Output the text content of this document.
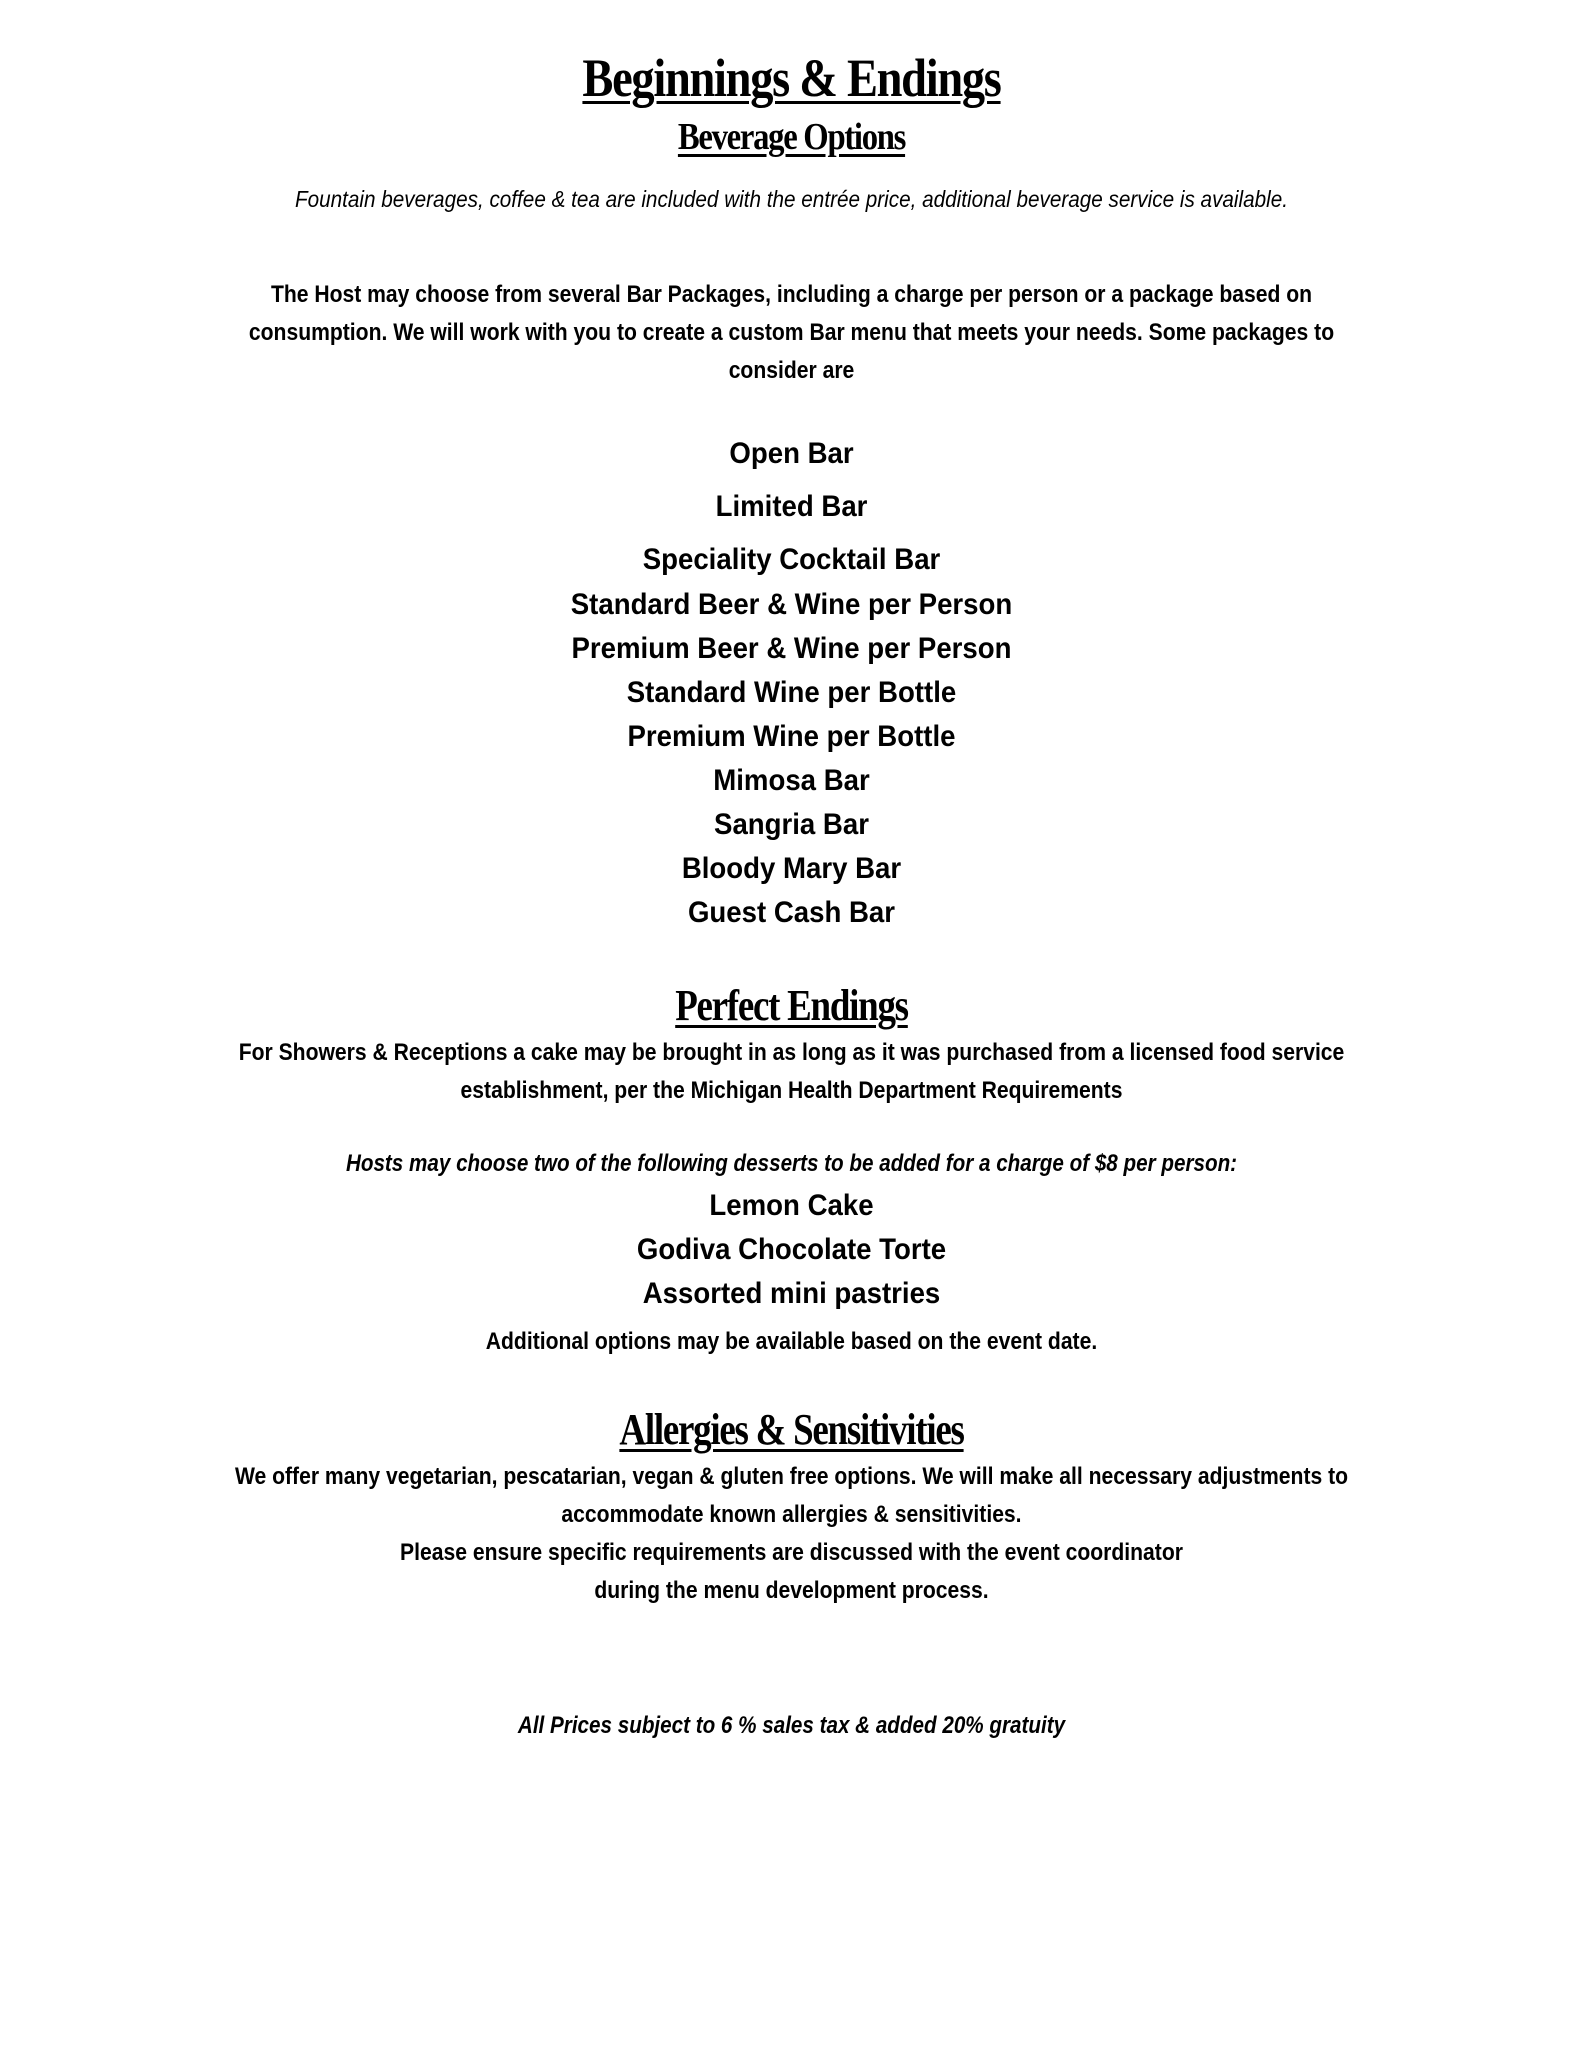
Beginnings & Endings
Beverage Options
Fountain beverages, coffee & tea are included with the entrée price, additional beverage service is available.
The Host may choose from several Bar Packages, including a charge per person or a package based on
consumption. We will work with you to create a custom Bar menu that meets your needs. Some packages to
consider are
Open Bar
Limited Bar
Speciality Cocktail Bar
Standard Beer & Wine per Person
Premium Beer & Wine per Person
Standard Wine per Bottle
Premium Wine per Bottle
Mimosa Bar
Sangria Bar
Bloody Mary Bar
Guest Cash Bar
Perfect Endings
For Showers & Receptions a cake may be brought in as long as it was purchased from a licensed food service
establishment, per the Michigan Health Department Requirements
Hosts may choose two of the following desserts to be added for a charge of $8 per person:
Lemon Cake
Godiva Chocolate Torte
Assorted mini pastries
Additional options may be available based on the event date.
Allergies & Sensitivities
We offer many vegetarian, pescatarian, vegan & gluten free options. We will make all necessary adjustments to
accommodate known allergies & sensitivities.
Please ensure specific requirements are discussed with the event coordinator
during the menu development process.
All Prices subject to 6 % sales tax & added 20% gratuity
